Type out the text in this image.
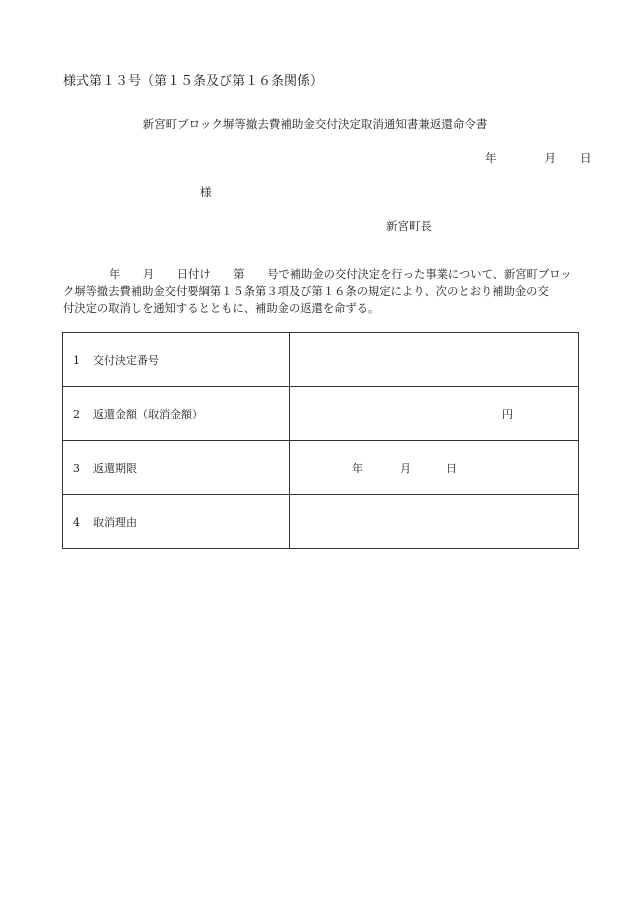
様式第１３号（第１５条及び第１６条関係）
新宮町ブロック塀等撤去費補助金交付決定取消通知書兼返還命令書
年	月 日
様
新宮町長
年　　月　　日付け　　第　　号で補助金の交付決定を行った事業について、新宮町ブロッ
ク塀等撤去費補助金交付要綱第１５条第３項及び第１６条の規定により、次のとおり補助金の交
付決定の取消しを通知するとともに、補助金の返還を命ずる。
1 交付決定番号	
2 返還金額（取消金額）	円

3 返還期限	年 月 日

4 取消理由	
